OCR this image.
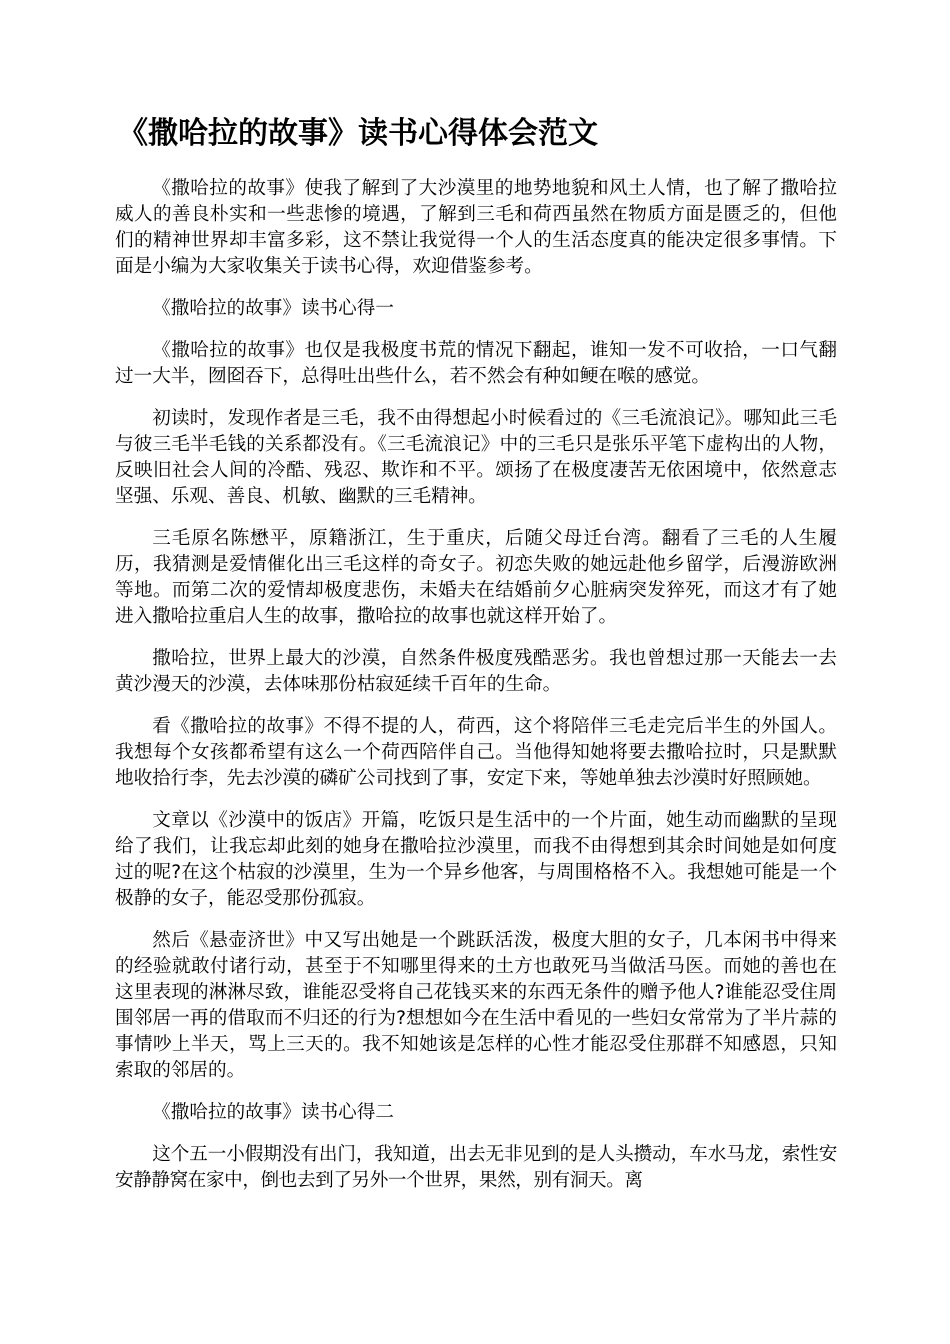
《撒哈拉的故事》读书心得体会范文

《撒哈拉的故事》使我了解到了大沙漠里的地势地貌和风土人情，也了解了撒哈拉威人的善良朴实和一些悲惨的境遇，了解到三毛和荷西虽然在物质方面是匮乏的，但他们的精神世界却丰富多彩，这不禁让我觉得一个人的生活态度真的能决定很多事情。下面是小编为大家收集关于读书心得，欢迎借鉴参考。

《撒哈拉的故事》读书心得一

《撒哈拉的故事》也仅是我极度书荒的情况下翻起，谁知一发不可收拾，一口气翻过一大半，囫囵吞下，总得吐出些什么，若不然会有种如鲠在喉的感觉。

初读时，发现作者是三毛，我不由得想起小时候看过的《三毛流浪记》。哪知此三毛与彼三毛半毛钱的关系都没有。《三毛流浪记》中的三毛只是张乐平笔下虚构出的人物，反映旧社会人间的冷酷、残忍、欺诈和不平。颂扬了在极度凄苦无依困境中，依然意志坚强、乐观、善良、机敏、幽默的三毛精神。

三毛原名陈懋平，原籍浙江，生于重庆，后随父母迁台湾。翻看了三毛的人生履历，我猜测是爱情催化出三毛这样的奇女子。初恋失败的她远赴他乡留学，后漫游欧洲等地。而第二次的爱情却极度悲伤，未婚夫在结婚前夕心脏病突发猝死，而这才有了她进入撒哈拉重启人生的故事，撒哈拉的故事也就这样开始了。

撒哈拉，世界上最大的沙漠，自然条件极度残酷恶劣。我也曾想过那一天能去一去黄沙漫天的沙漠，去体味那份枯寂延续千百年的生命。

看《撒哈拉的故事》不得不提的人，荷西，这个将陪伴三毛走完后半生的外国人。我想每个女孩都希望有这么一个荷西陪伴自己。当他得知她将要去撒哈拉时，只是默默地收拾行李，先去沙漠的磷矿公司找到了事，安定下来，等她单独去沙漠时好照顾她。

文章以《沙漠中的饭店》开篇，吃饭只是生活中的一个片面，她生动而幽默的呈现给了我们，让我忘却此刻的她身在撒哈拉沙漠里，而我不由得想到其余时间她是如何度过的呢?在这个枯寂的沙漠里，生为一个异乡他客，与周围格格不入。我想她可能是一个极静的女子，能忍受那份孤寂。

然后《悬壶济世》中又写出她是一个跳跃活泼，极度大胆的女子，几本闲书中得来的经验就敢付诸行动，甚至于不知哪里得来的土方也敢死马当做活马医。而她的善也在这里表现的淋淋尽致，谁能忍受将自己花钱买来的东西无条件的赠予他人?谁能忍受住周围邻居一再的借取而不归还的行为?想想如今在生活中看见的一些妇女常常为了半片蒜的事情吵上半天，骂上三天的。我不知她该是怎样的心性才能忍受住那群不知感恩，只知索取的邻居的。

《撒哈拉的故事》读书心得二

这个五一小假期没有出门，我知道，出去无非见到的是人头攒动，车水马龙，索性安安静静窝在家中，倒也去到了另外一个世界，果然，别有洞天。离
